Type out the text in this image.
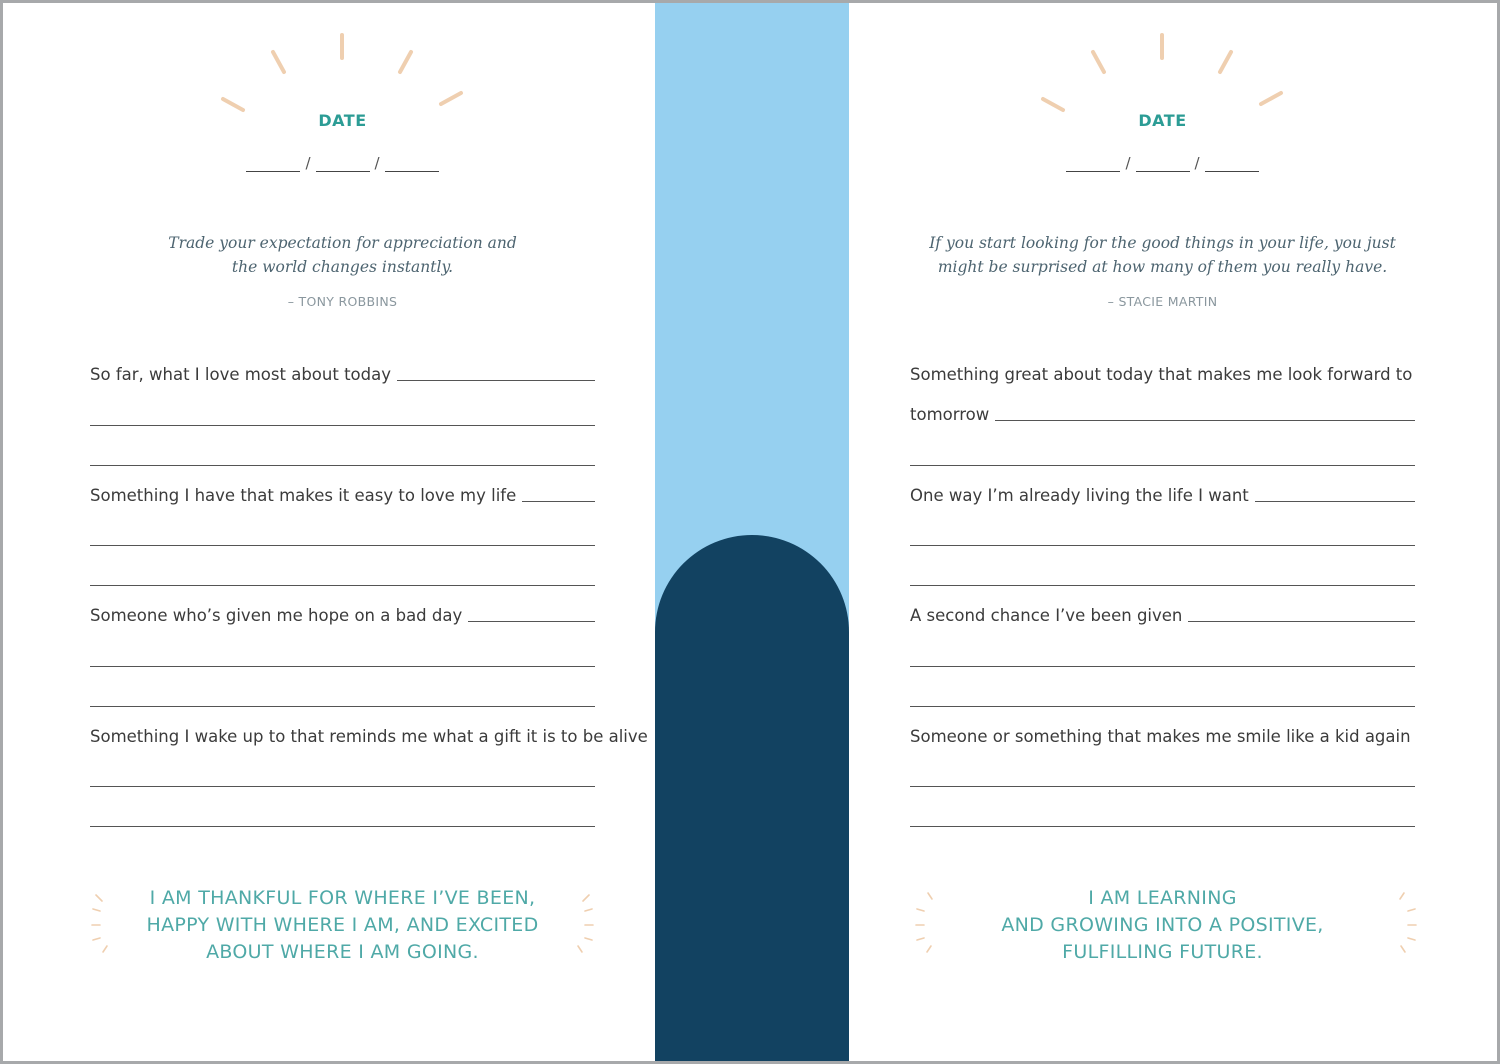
DATE
/	/
Trade your expectation for appreciation and
the world changes instantly.
– TONY ROBBINS
So far, what I love most about today
Something I have that makes it easy to love my life
Someone who’s given me hope on a bad day
Something I wake up to that reminds me what a gift it is to be alive
I AM THANKFUL FOR WHERE I’VE BEEN,
HAPPY WITH WHERE I AM, AND EXCITED
ABOUT WHERE I AM GOING.
DATE
/	/
If you start looking for the good things in your life, you just
might be surprised at how many of them you really have.
– STACIE MARTIN
Something great about today that makes me look forward to
tomorrow
One way I’m already living the life I want
A second chance I’ve been given
Someone or something that makes me smile like a kid again
I AM LEARNING
AND GROWING INTO A POSITIVE,
FULFILLING FUTURE.
